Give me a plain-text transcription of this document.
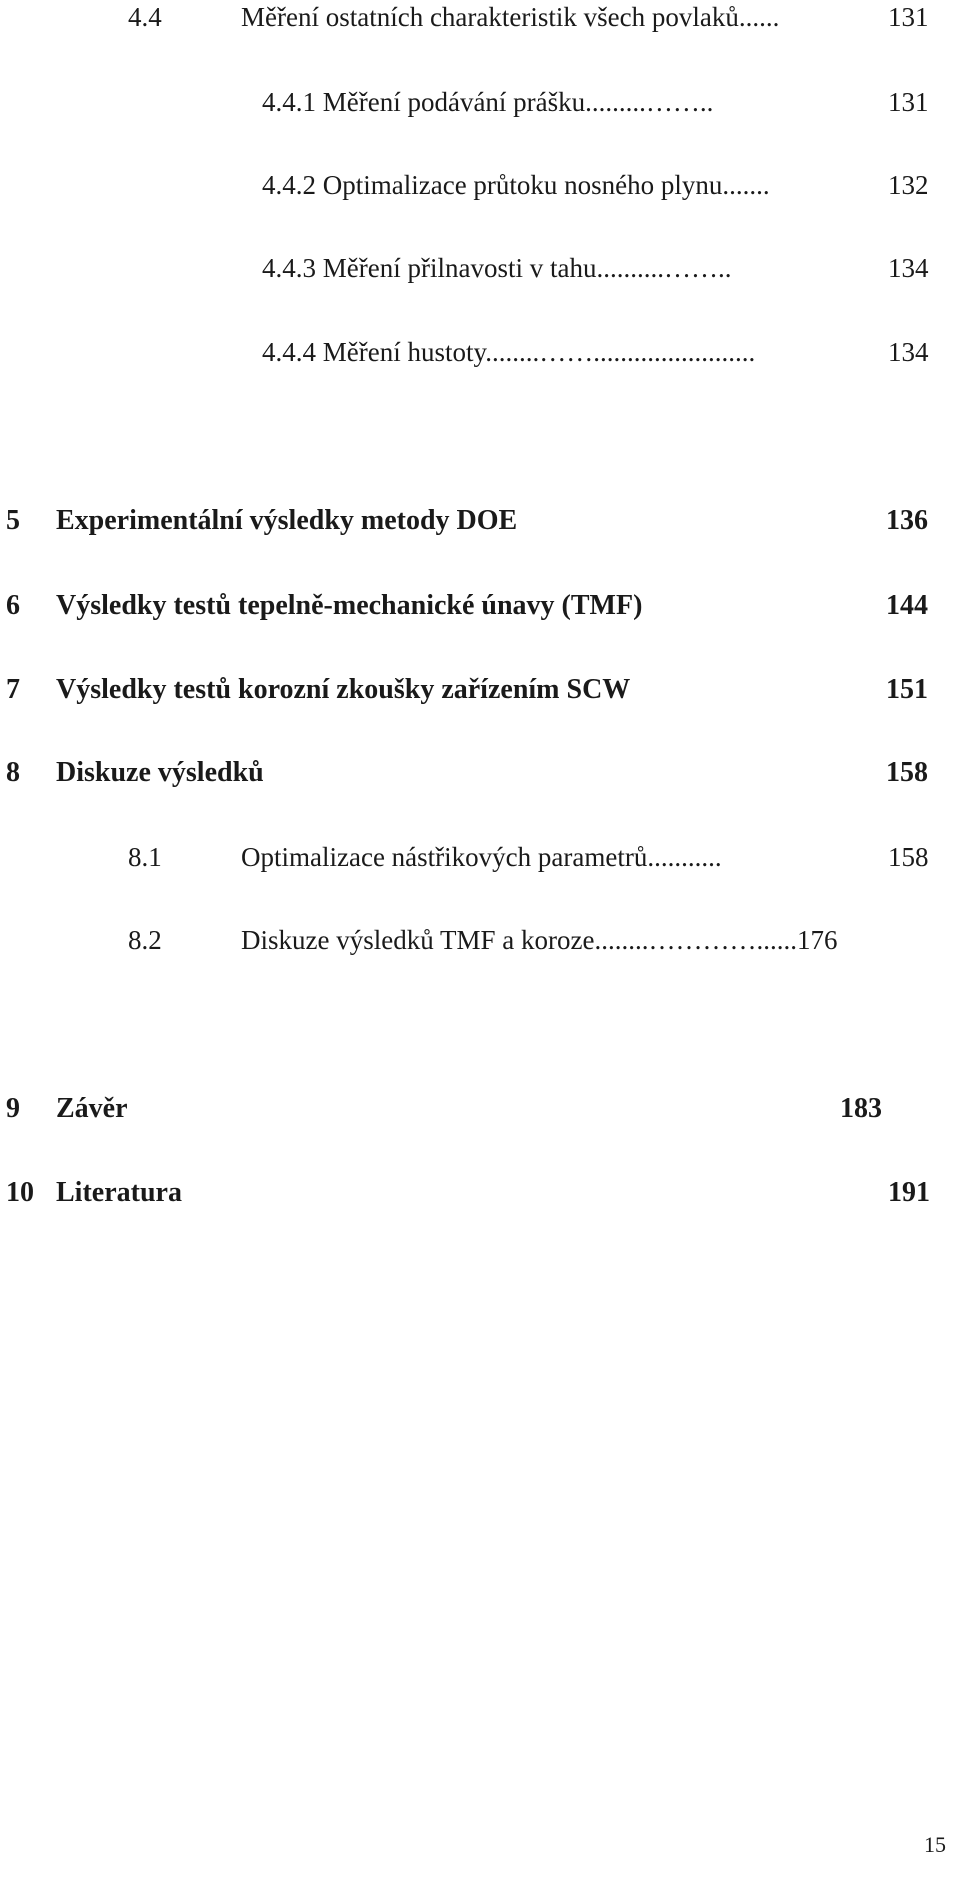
4.4	Měření ostatních charakteristik všech povlaků......	131
4.4.1 Měření podávání prášku.........……..	131
4.4.2 Optimalizace průtoku nosného plynu.......	132
4.4.3 Měření přilnavosti v tahu..........……..	134
4.4.4 Měření hustoty........……........................	134
5 Experimentální výsledky metody DOE	136
6 Výsledky testů tepelně-mechanické únavy (TMF)	144
7 Výsledky testů korozní zkoušky zařízením SCW	151
8 Diskuze výsledků	158
8.1	Optimalizace nástřikových parametrů...........	158
8.2	Diskuze výsledků TMF a koroze........…………......176
9 Závěr	183
10 Literatura	191
15
